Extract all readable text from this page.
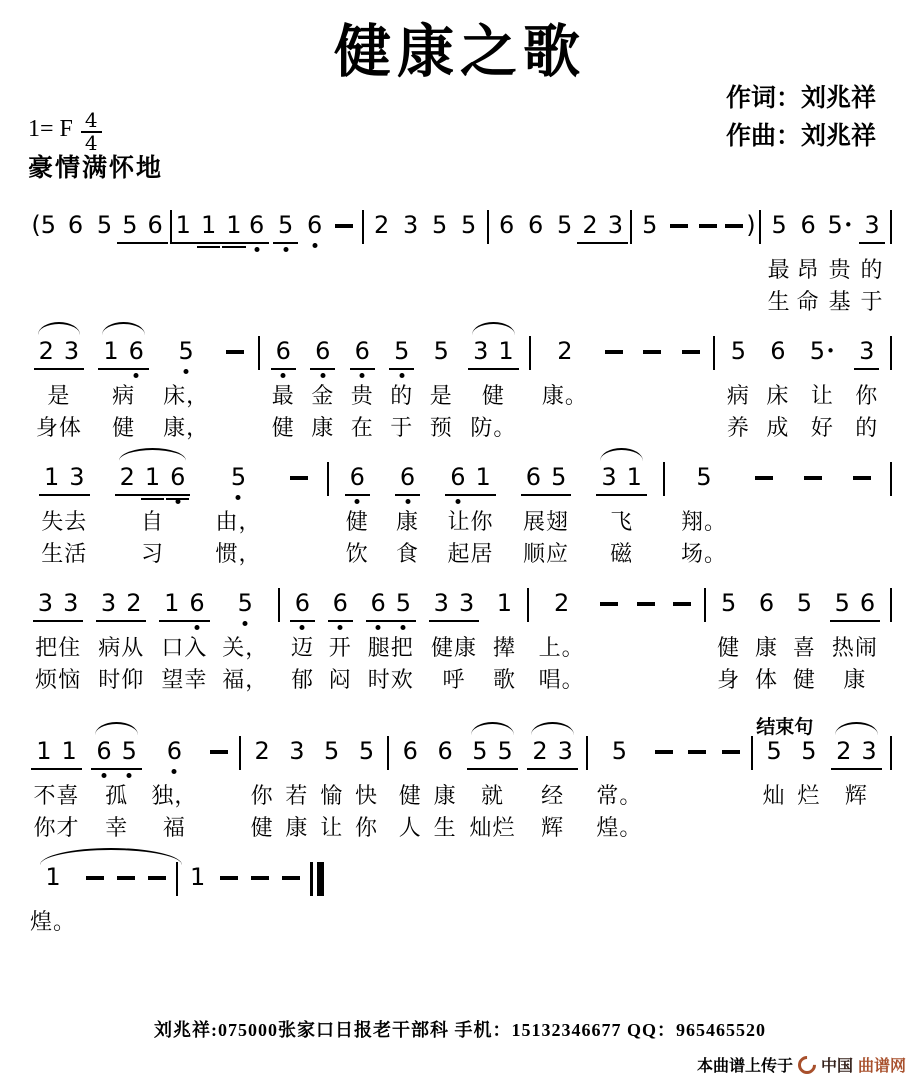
健康之歌
作词：刘兆祥
作曲：刘兆祥
1= F $\frac{4}{4}$
豪情满怀地
(5 6 5 5 6 1 1 1 6 5 6 2 3 5 5 6 6 5 2 3 5	) 5
最
生
6
昂
命
5•
贵
基
3
的
于
2 3
是
身体
1 6
病
健
5
床，
康，
6
最
健
6
金
康
6
贵
在
5
的
于
5
是
预
3 1
健
防。
2
康。
5
病
养
6
床
成
5•
让
好
3
你
的
1 3
失去
生活
2 1 6
自
习
5
由，
惯，
6
健
饮
6
康
食
6 1
让你
起居
6 5
展翅
顺应
3 1
飞
磁
5
翔。
场。
3 3
把住
烦恼
3 2
病从
时仰
1 6
口入
望幸
5
关，
福，
6
迈
郁
6
开
闷
6 5
腿把
时欢
3 3
健康
呼
1
撵
歌
2
上。
唱。
5
健
身
6
康
体
5
喜
健
5 6
热闹
康
1 1
不喜
你才
6 5
孤
幸
6
独，
福
2
你
健
3
若
康
5
愉
让
5
快
你
6
健
人
6
康
生
5 5
就
灿烂
2 3
经
辉
5
常。
煌。
结束句
5
灿
5
烂
2 3
辉
1
煌。
1
刘兆祥:075000张家口日报老干部科 手机：15132346677 QQ：965465520
本曲谱上传于 中国 曲谱网
